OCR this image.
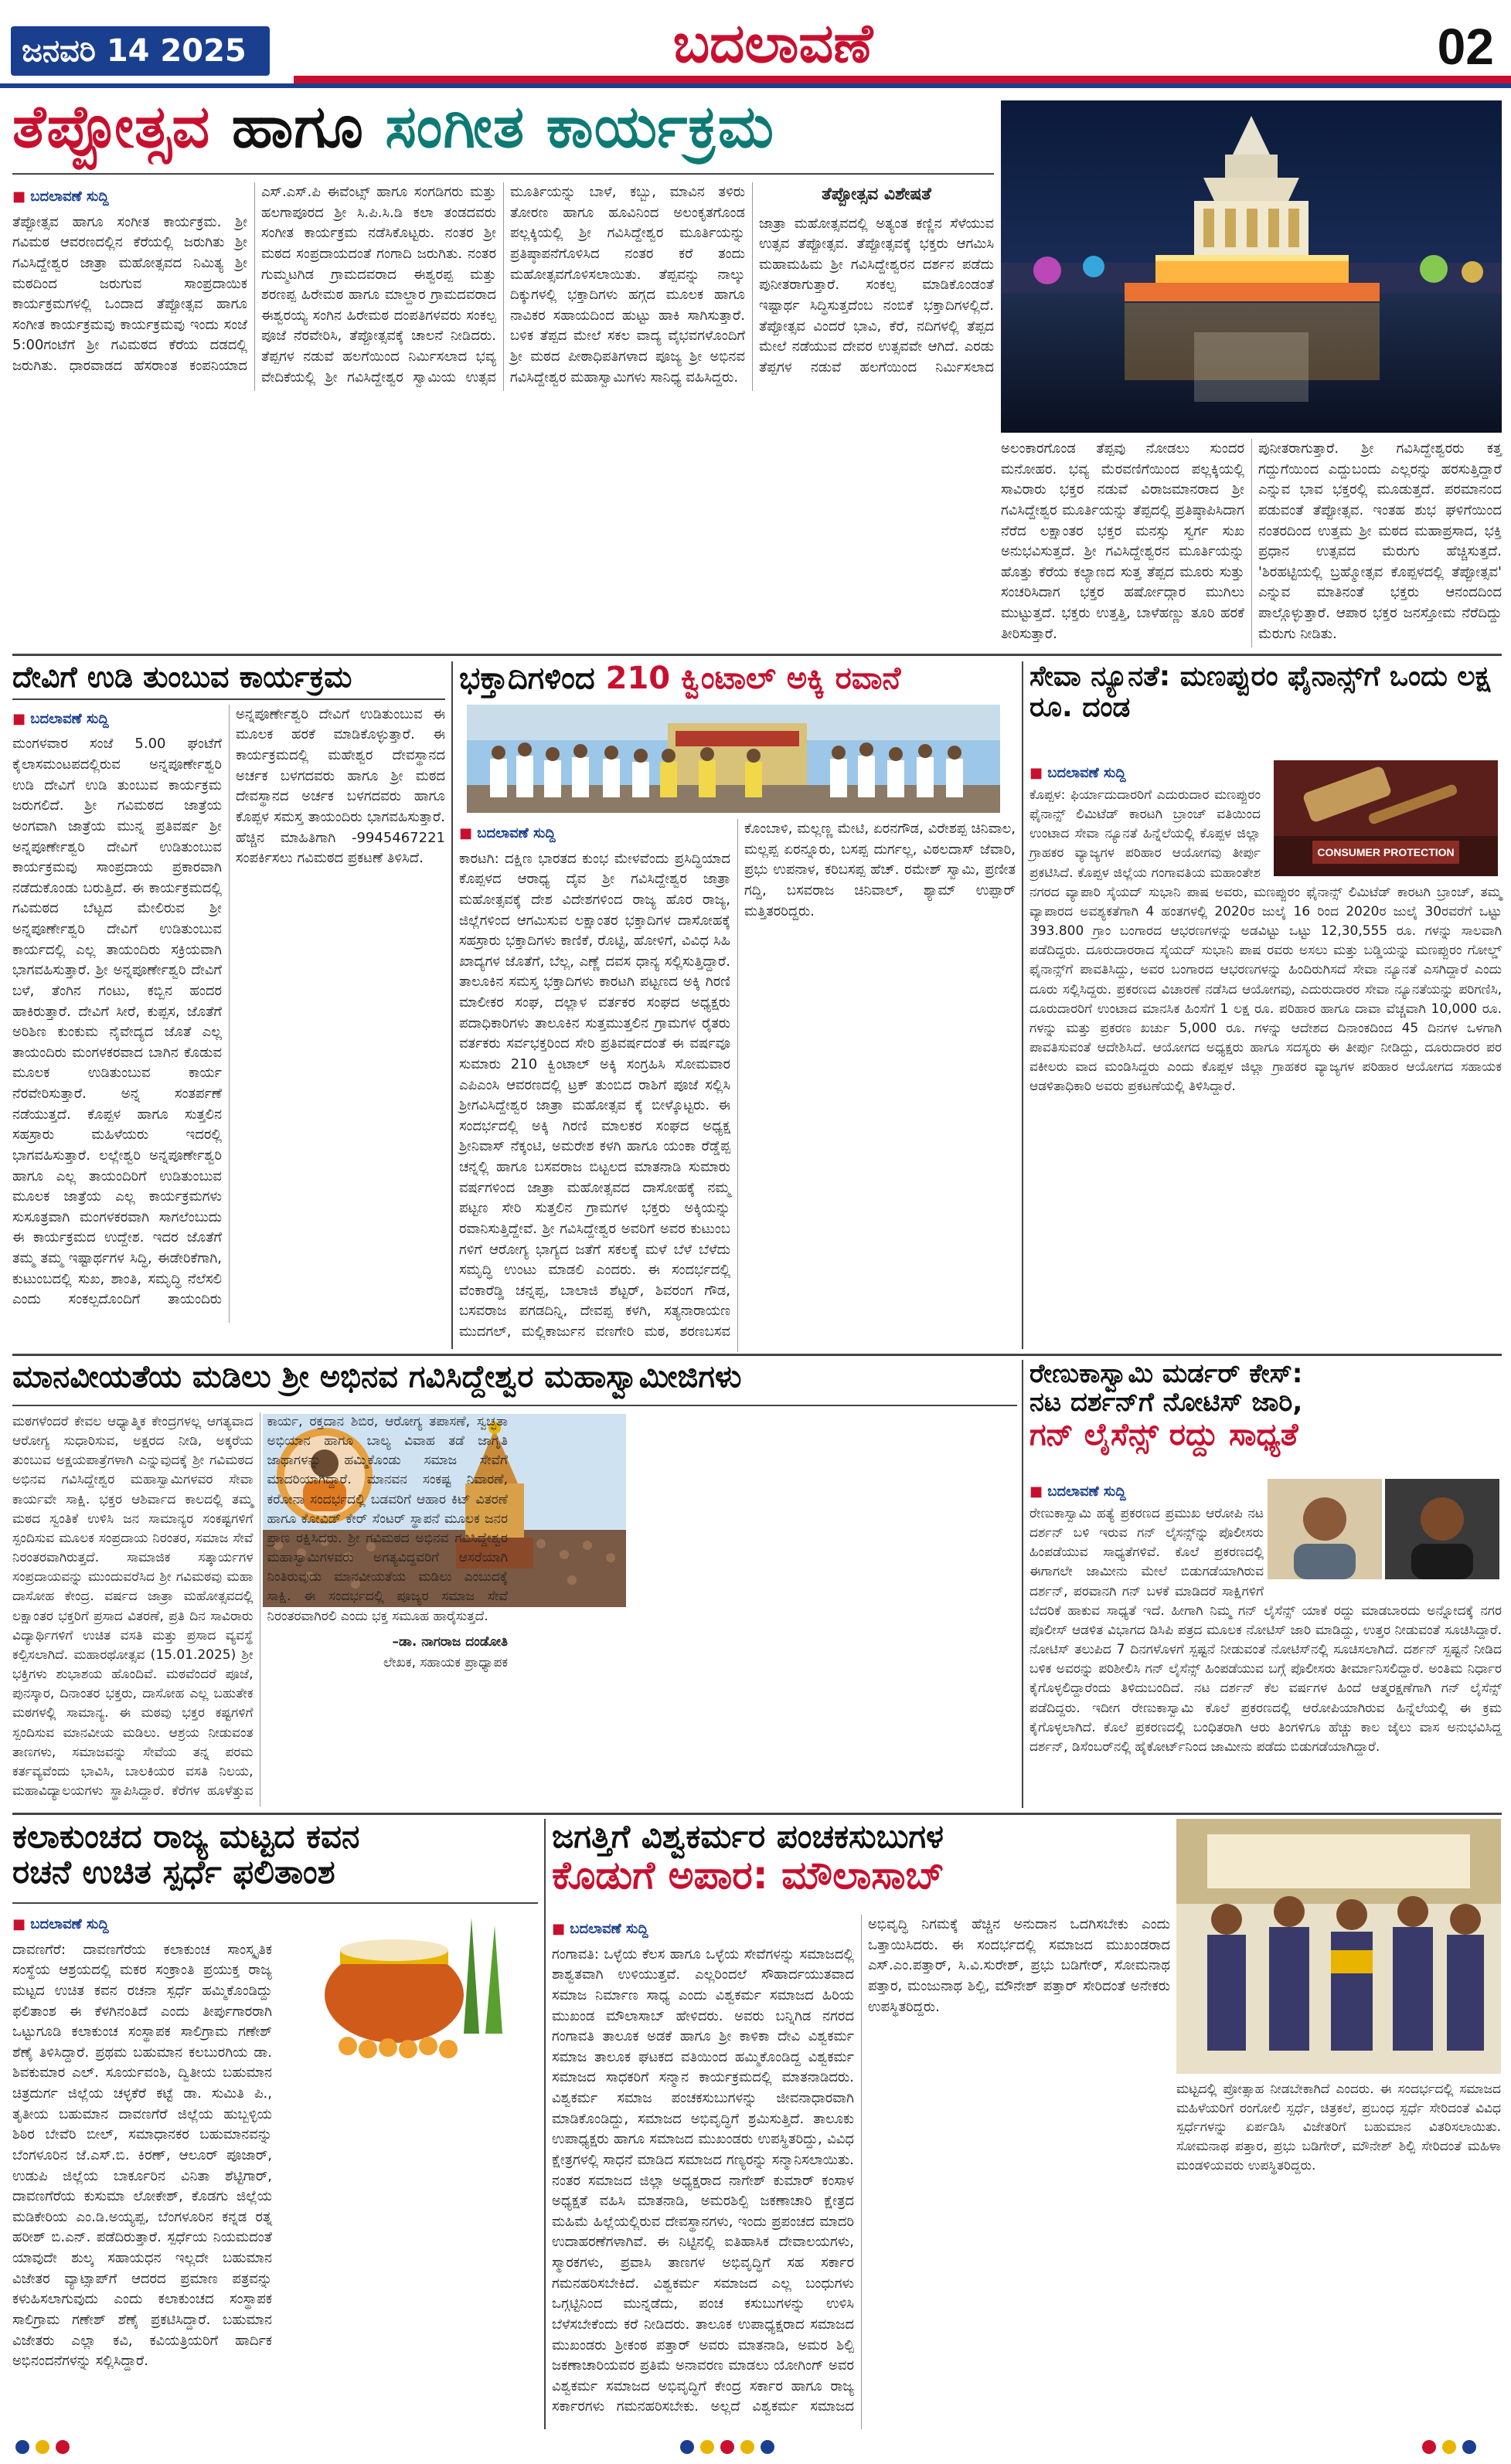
ಜನವರಿ 14 2025	ಬದಲಾವಣೆ	02
ತೆಪ್ಪೋತ್ಸವ ಹಾಗೂ ಸಂಗೀತ ಕಾರ್ಯಕ್ರಮ
■ ಬದಲಾವಣೆ ಸುದ್ದಿ

ತೆಪ್ಪೋತ್ಸವ ಹಾಗೂ ಸಂಗೀತ ಕಾರ್ಯಕ್ರಮ. ಶ್ರೀ ಗವಿಮಠ ಆವರಣದಲ್ಲಿನ ಕೆರೆಯಲ್ಲಿ ಜರುಗಿತು ಶ್ರೀ ಗವಿಸಿದ್ದೇಶ್ವರ ಜಾತ್ರಾ ಮಹೋತ್ಸವದ ನಿಮಿತ್ಯ ಶ್ರೀ ಮಠದಿಂದ ಜರುಗುವ ಸಾಂಪ್ರದಾಯಿಕ ಕಾರ್ಯಕ್ರಮಗಳಲ್ಲಿ ಒಂದಾದ ತೆಪ್ಪೋತ್ಸವ ಹಾಗೂ ಸಂಗೀತ ಕಾರ್ಯಕ್ರಮವು ಕಾರ್ಯಕ್ರಮವು ಇಂದು ಸಂಜೆ 5:00ಗಂಟೆಗೆ ಶ್ರೀ ಗವಿಮಠದ ಕೆರೆಯ ದಡದಲ್ಲಿ ಜರುಗಿತು. ಧಾರವಾಡದ ಹೆಸರಾಂತ ಕಂಪನಿಯಾದ ಎಸ್.ಎಸ್.ಪಿ ಈವೆಂಟ್ಸ್ ಹಾಗೂ ಸಂಗಡಿಗರು ಮತ್ತು ಹಲಗಾಪೂರದ ಶ್ರೀ ಸಿ.ಪಿ.ಸಿ.ಡಿ ಕಲಾ ತಂಡದವರು ಸಂಗೀತ ಕಾರ್ಯಕ್ರಮ ನಡೆಸಿಕೊಟ್ಟರು. ನಂತರ ಶ್ರೀ ಮಠದ ಸಂಪ್ರದಾಯದಂತೆ ಗಂಗಾದಿ ಜರುಗಿತು. ನಂತರ ಗುಮ್ಮಟಗಿಡ ಗ್ರಾಮದವರಾದ ಈಶ್ವರಪ್ಪ ಮತ್ತು ಶರಣಪ್ಪ ಹಿರೇಮಠ ಹಾಗೂ ಮಾಲ್ದಾರ ಗ್ರಾಮದವರಾದ ಈಶ್ವರಯ್ಯ ಸಂಗಿನ ಹಿರೇಮಠ ದಂಪತಿಗಳವರು ಸಂಕಲ್ಪ ಪೂಜೆ ನೆರವೇರಿಸಿ, ತೆಪ್ಪೋತ್ಸವಕ್ಕೆ ಚಾಲನೆ ನೀಡಿದರು. ತೆಪ್ಪಗಳ ನಡುವೆ ಹಲಗೆಯಿಂದ ನಿರ್ಮಿಸಲಾದ ಭವ್ಯ ವೇದಿಕೆಯಲ್ಲಿ ಶ್ರೀ ಗವಿಸಿದ್ದೇಶ್ವರ ಸ್ವಾಮಿಯ ಉತ್ಸವ ಮೂರ್ತಿಯನ್ನು ಬಾಳೆ, ಕಬ್ಬು, ಮಾವಿನ ತಳಿರು ತೋರಣ ಹಾಗೂ ಹೂವಿನಿಂದ ಅಲಂಕೃತಗೊಂಡ ಪಲ್ಲಕ್ಕಿಯಲ್ಲಿ ಶ್ರೀ ಗವಿಸಿದ್ದೇಶ್ವರ ಮೂರ್ತಿಯನ್ನು ಪ್ರತಿಷ್ಠಾಪನೆಗೊಳಿಸಿದ ನಂತರ ಕರೆ ತಂದು ಮಹೋತ್ಸವಗೊಳಿಸಲಾಯಿತು. ತೆಪ್ಪವನ್ನು ನಾಲ್ಕು ದಿಕ್ಕುಗಳಲ್ಲಿ ಭಕ್ತಾದಿಗಳು ಹಗ್ಗದ ಮೂಲಕ ಹಾಗೂ ನಾವಿಕರ ಸಹಾಯದಿಂದ ಹುಟ್ಟು ಹಾಕಿ ಸಾಗಿಸುತ್ತಾರೆ. ಬಳಿಕ ತೆಪ್ಪದ ಮೇಲೆ ಸಕಲ ವಾದ್ಯ ವೈಭವಗಳೊಂದಿಗೆ ಶ್ರೀ ಮಠದ ಪೀಠಾಧಿಪತಿಗಳಾದ ಪೂಜ್ಯ ಶ್ರೀ ಅಭಿನವ ಗವಿಸಿದ್ದೇಶ್ವರ ಮಹಾಸ್ವಾಮಿಗಳು ಸಾನಿಧ್ಯ ವಹಿಸಿದ್ದರು.

ತೆಪ್ಪೋತ್ಸವ ವಿಶೇಷತೆ

ಜಾತ್ರಾ ಮಹೋತ್ಸವದಲ್ಲಿ ಅತ್ಯಂತ ಕಣ್ಣಿನ ಸೆಳೆಯುವ ಉತ್ಸವ ತೆಪ್ಪೋತ್ಸವ. ತೆಪ್ಪೋತ್ಸವಕ್ಕೆ ಭಕ್ತರು ಆಗಮಿಸಿ ಮಹಾಮಹಿಮ ಶ್ರೀ ಗವಿಸಿದ್ದೇಶ್ವರನ ದರ್ಶನ ಪಡೆದು ಪುನೀತರಾಗುತ್ತಾರೆ. ಸಂಕಲ್ಪ ಮಾಡಿಕೊಂಡಂತೆ ಇಷ್ಟಾರ್ಥ ಸಿದ್ಧಿಸುತ್ತದೆಂಬ ನಂಬಿಕೆ ಭಕ್ತಾದಿಗಳಲ್ಲಿದೆ. ತೆಪ್ಪೋತ್ಸವ ವಿಂದರೆ ಭಾವಿ, ಕೆರೆ, ನದಿಗಳಲ್ಲಿ ತೆಪ್ಪದ ಮೇಲೆ ನಡೆಯುವ ದೇವರ ಉತ್ಸವವೇ ಆಗಿದೆ. ಎರಡು ತೆಪ್ಪಗಳ ನಡುವೆ ಹಲಗೆಯಿಂದ ನಿರ್ಮಿಸಲಾದ

ಅಲಂಕಾರಗೊಂಡ ತೆಪ್ಪವು ನೋಡಲು ಸುಂದರ ಮನೋಹರ. ಭವ್ಯ ಮೆರವಣಿಗೆಯಿಂದ ಪಲ್ಲಕ್ಕಿಯಲ್ಲಿ ಸಾವಿರಾರು ಭಕ್ತರ ನಡುವೆ ವಿರಾಜಮಾನರಾದ ಶ್ರೀ ಗವಿಸಿದ್ದೇಶ್ವರ ಮೂರ್ತಿಯನ್ನು ತೆಪ್ಪದಲ್ಲಿ ಪ್ರತಿಷ್ಠಾಪಿಸಿದಾಗ ನೆರೆದ ಲಕ್ಷಾಂತರ ಭಕ್ತರ ಮನಸ್ಸು ಸ್ವರ್ಗ ಸುಖ ಅನುಭವಿಸುತ್ತದೆ. ಶ್ರೀ ಗವಿಸಿದ್ದೇಶ್ವರನ ಮೂರ್ತಿಯನ್ನು ಹೊತ್ತು ಕೆರೆಯ ಕಲ್ಯಾಣದ ಸುತ್ತ ತೆಪ್ಪದ ಮೂರು ಸುತ್ತು ಸಂಚರಿಸಿದಾಗ ಭಕ್ತರ ಹರ್ಷೋದ್ಗಾರ ಮುಗಿಲು ಮುಟ್ಟುತ್ತದೆ. ಭಕ್ತರು ಉತ್ತತ್ತಿ, ಬಾಳೆಹಣ್ಣು ತೂರಿ ಹರಕೆ ತೀರಿಸುತ್ತಾರೆ.

ಪುನೀತರಾಗುತ್ತಾರೆ. ಶ್ರೀ ಗವಿಸಿದ್ದೇಶ್ವರರು ಕತ್ತ ಗದ್ದುಗೆಯಿಂದ ಎದ್ದುಬಂದು ಎಲ್ಲರನ್ನು ಹರಸುತ್ತಿದ್ದಾರೆ ಎನ್ನುವ ಭಾವ ಭಕ್ತರಲ್ಲಿ ಮೂಡುತ್ತದೆ. ಪರಮಾನಂದ ಪಡುವಂತೆ ತೆಪ್ಪೋತ್ಸವ. ಇಂತಹ ಶುಭ ಘಳಿಗೆಯಿಂದ ನಂತರದಿಂದ ಉತ್ತಮ ಶ್ರೀ ಮಠದ ಮಹಾಪ್ರಸಾದ, ಭಕ್ತಿ ಪ್ರಧಾನ ಉತ್ಸವದ ಮೆರುಗು ಹೆಚ್ಚಿಸುತ್ತದೆ. 'ಶಿರಹಟ್ಟಿಯಲ್ಲಿ ಬ್ರಹ್ಮೋತ್ಸವ ಕೊಪ್ಪಳದಲ್ಲಿ ತೆಪ್ಪೋತ್ಸವ' ಎನ್ನುವ ಮಾತಿನಂತೆ ಭಕ್ತರು ಆನಂದದಿಂದ ಪಾಲ್ಗೊಳ್ಳುತ್ತಾರೆ. ಆಪಾರ ಭಕ್ತರ ಜನಸ್ತೋಮ ನೆರೆದಿದ್ದು ಮೆರುಗು ನೀಡಿತು.

ದೇವಿಗೆ ಉಡಿ ತುಂಬುವ ಕಾರ್ಯಕ್ರಮ
■ ಬದಲಾವಣೆ ಸುದ್ದಿ

ಮಂಗಳವಾರ ಸಂಜೆ 5.00 ಘಂಟೆಗೆ ಕೈಲಾಸಮಂಟಪದಲ್ಲಿರುವ ಅನ್ನಪೂರ್ಣೇಶ್ವರಿ ಉಡಿ ದೇವಿಗೆ ಉಡಿ ತುಂಬುವ ಕಾರ್ಯಕ್ರಮ ಜರುಗಲಿದೆ. ಶ್ರೀ ಗವಿಮಠದ ಜಾತ್ರೆಯ ಅಂಗವಾಗಿ ಜಾತ್ರೆಯ ಮುನ್ನ ಪ್ರತಿವರ್ಷ ಶ್ರೀ ಅನ್ನಪೂರ್ಣೇಶ್ವರಿ ದೇವಿಗೆ ಉಡಿತುಂಬುವ ಕಾರ್ಯಕ್ರಮವು ಸಾಂಪ್ರದಾಯ ಪ್ರಕಾರವಾಗಿ ನಡೆದುಕೊಂಡು ಬರುತ್ತಿದೆ. ಈ ಕಾರ್ಯಕ್ರಮದಲ್ಲಿ ಗವಿಮಠದ ಬೆಟ್ಟದ ಮೇಲಿರುವ ಶ್ರೀ ಅನ್ನಪೂರ್ಣೇಶ್ವರಿ ದೇವಿಗೆ ಉಡಿತುಂಬುವ ಕಾರ್ಯದಲ್ಲಿ ಎಲ್ಲ ತಾಯಂದಿರು ಸಕ್ರಿಯವಾಗಿ ಭಾಗವಹಿಸುತ್ತಾರೆ. ಶ್ರೀ ಅನ್ನಪೂರ್ಣೇಶ್ವರಿ ದೇವಿಗೆ ಬಳೆ, ತೆಂಗಿನ ಗಂಟು, ಕಬ್ಬಿನ ಹಂದರ ಹಾಕಿರುತ್ತಾರೆ. ದೇವಿಗೆ ಸೀರೆ, ಕುಪ್ಪಸ, ಜೊತೆಗೆ ಅರಿಶಿಣ ಕುಂಕುಮ ನೈವೇದ್ಯದ ಜೊತೆ ಎಲ್ಲ ತಾಯಂದಿರು ಮಂಗಳಕರವಾದ ಬಾಗಿನ ಕೊಡುವ ಮೂಲಕ ಉಡಿತುಂಬುವ ಕಾರ್ಯ ನೆರವೇರಿಸುತ್ತಾರೆ. ಅನ್ನ ಸಂತರ್ಪಣೆ ನಡೆಯುತ್ತದೆ. ಕೊಪ್ಪಳ ಹಾಗೂ ಸುತ್ತಲಿನ ಸಹಸ್ರಾರು ಮಹಿಳೆಯರು ಇದರಲ್ಲಿ ಭಾಗವಹಿಸುತ್ತಾರೆ. ಲಲ್ಲೇಶ್ವರಿ ಅನ್ನಪೂರ್ಣೇಶ್ವರಿ ಹಾಗೂ ಎಲ್ಲ ತಾಯಂದಿರಿಗೆ ಉಡಿತುಂಬುವ ಮೂಲಕ ಜಾತ್ರೆಯ ಎಲ್ಲ ಕಾರ್ಯಕ್ರಮಗಳು ಸುಸೂತ್ರವಾಗಿ ಮಂಗಳಕರವಾಗಿ ಸಾಗಲೆಂಬುದು ಈ ಕಾರ್ಯಕ್ರಮದ ಉದ್ದೇಶ. ಇದರ ಜೊತೆಗೆ ತಮ್ಮ ತಮ್ಮ ಇಷ್ಟಾರ್ಥಗಳ ಸಿದ್ಧಿ, ಈಡೇರಿಕೆಗಾಗಿ, ಕುಟುಂಬದಲ್ಲಿ ಸುಖ, ಶಾಂತಿ, ಸಮೃದ್ಧಿ ನೆಲೆಸಲಿ ಎಂದು ಸಂಕಲ್ಪದೊಂದಿಗೆ ತಾಯಂದಿರು ಅನ್ನಪೂರ್ಣೇಶ್ವರಿ ದೇವಿಗೆ ಉಡಿತುಂಬುವ ಈ ಮೂಲಕ ಹರಕೆ ಮಾಡಿಕೊಳ್ಳುತ್ತಾರೆ. ಈ ಕಾರ್ಯಕ್ರಮದಲ್ಲಿ ಮಹೇಶ್ವರ ದೇವಸ್ಥಾನದ ಅರ್ಚಕ ಬಳಗದವರು ಹಾಗೂ ಶ್ರೀ ಮಠದ ದೇವಸ್ಥಾನದ ಅರ್ಚಕ ಬಳಗದವರು ಹಾಗೂ ಕೊಪ್ಪಳ ಸಮಸ್ತ ತಾಯಂದಿರು ಭಾಗವಹಿಸುತ್ತಾರೆ. ಹೆಚ್ಚಿನ ಮಾಹಿತಿಗಾಗಿ -9945467221 ಸಂಪರ್ಕಿಸಲು ಗವಿಮಠದ ಪ್ರಕಟಣೆ ತಿಳಿಸಿದೆ.

ಭಕ್ತಾದಿಗಳಿಂದ 210 ಕ್ವಿಂಟಾಲ್ ಅಕ್ಕಿ ರವಾನೆ
■ ಬದಲಾವಣೆ ಸುದ್ದಿ

ಕಾರಟಗಿ: ದಕ್ಷಿಣ ಭಾರತದ ಕುಂಭ ಮೇಳವೆಂದು ಪ್ರಸಿದ್ಧಿಯಾದ ಕೊಪ್ಪಳದ ಆರಾಧ್ಯ ದೈವ ಶ್ರೀ ಗವಿಸಿದ್ದೇಶ್ವರ ಜಾತ್ರಾ ಮಹೋತ್ಸವಕ್ಕೆ ದೇಶ ವಿದೇಶಗಳಿಂದ ರಾಜ್ಯ ಹೊರ ರಾಜ್ಯ, ಜಿಲ್ಲೆಗಳಿಂದ ಆಗಮಿಸುವ ಲಕ್ಷಾಂತರ ಭಕ್ತಾದಿಗಳ ದಾಸೋಹಕ್ಕೆ ಸಹಸ್ರಾರು ಭಕ್ತಾದಿಗಳು ಕಾಣಿಕೆ, ರೊಟ್ಟಿ, ಹೋಳಿಗೆ, ವಿವಿಧ ಸಿಹಿ ಖಾದ್ಯಗಳ ಜೊತೆಗೆ, ಬೆಲ್ಲ, ಎಣ್ಣೆ ದವಸ ಧಾನ್ಯ ಸಲ್ಲಿಸುತ್ತಿದ್ದಾರೆ. ತಾಲೂಕಿನ ಸಮಸ್ತ ಭಕ್ತಾದಿಗಳು ಕಾರಟಗಿ ಪಟ್ಟಣದ ಅಕ್ಕಿ ಗಿರಣಿ ಮಾಲೀಕರ ಸಂಘ, ದಲ್ಲಾಳ ವರ್ತಕರ ಸಂಘದ ಅಧ್ಯಕ್ಷರು ಪದಾಧಿಕಾರಿಗಳು ತಾಲೂಕಿನ ಸುತ್ತಮುತ್ತಲಿನ ಗ್ರಾಮಗಳ ರೈತರು ವರ್ತಕರು ಸರ್ವಭಕ್ತರಿಂದ ಸೇರಿ ಪ್ರತಿವರ್ಷದಂತೆ ಈ ವರ್ಷವೂ ಸುಮಾರು 210 ಕ್ವಿಂಟಾಲ್ ಅಕ್ಕಿ ಸಂಗ್ರಹಿಸಿ ಸೋಮವಾರ ಎಪಿಎಂಸಿ ಆವರಣದಲ್ಲಿ ಟ್ರಕ್ ತುಂಬಿದ ರಾಶಿಗೆ ಪೂಜೆ ಸಲ್ಲಿಸಿ ಶ್ರೀಗವಿಸಿದ್ದೇಶ್ವರ ಜಾತ್ರಾ ಮಹೋತ್ಸವ ಕ್ಕೆ ಬೀಳ್ಕೊಟ್ಟರು. ಈ ಸಂದರ್ಭದಲ್ಲಿ ಅಕ್ಕಿ ಗಿರಣಿ ಮಾಲಕರ ಸಂಘದ ಅಧ್ಯಕ್ಷ ಶ್ರೀನಿವಾಸ್ ನೆಕ್ಕಂಟಿ, ಅಮರೇಶ ಕಳಗಿ ಹಾಗೂ ಯಂಕಾ ರೆಡ್ಡೆಪ್ಪ ಚನ್ನಲ್ಲಿ ಹಾಗೂ ಬಸವರಾಜ ಬಿಟ್ಟಲದ ಮಾತನಾಡಿ ಸುಮಾರು ವರ್ಷಗಳಿಂದ ಜಾತ್ರಾ ಮಹೋತ್ಸವದ ದಾಸೋಹಕ್ಕೆ ನಮ್ಮ ಪಟ್ಟಣ ಸೇರಿ ಸುತ್ತಲಿನ ಗ್ರಾಮಗಳ ಭಕ್ತರು ಅಕ್ಕಿಯನ್ನು ರವಾನಿಸುತ್ತಿದ್ದೇವೆ. ಶ್ರೀ ಗವಿಸಿದ್ದೇಶ್ವರ ಅವರಿಗೆ ಅವರ ಕುಟುಂಬ ಗಳಿಗೆ ಆರೋಗ್ಯ ಭಾಗ್ಯದ ಜತೆಗೆ ಸಕಲಕ್ಕೆ ಮಳೆ ಬೆಳೆ ಬೆಳೆದು ಸಮೃದ್ಧಿ ಉಂಟು ಮಾಡಲಿ ಎಂದರು. ಈ ಸಂದರ್ಭದಲ್ಲಿ ವೆಂಕಾರೆಡ್ಡಿ ಚನ್ನಪ್ಪ, ಬಾಲಾಜಿ ಶೆಟ್ಟರ್, ಶಿವರಂಗ ಗೌಡ, ಬಸವರಾಜ ಪಗಡದಿನ್ನಿ, ದೇವಪ್ಪ ಕಳಗಿ, ಸತ್ಯನಾರಾಯಣ ಮುದಗಲ್, ಮಲ್ಲಿಕಾರ್ಜುನ ವಣಗೇರಿ ಮಠ, ಶರಣಬಸವ ಕೊಂಬಾಳಿ, ಮಲ್ಲಣ್ಣ ಮೇಟಿ, ಏರನಗೌಡ, ವಿರೇಶಪ್ಪ ಚಿನಿವಾಲ, ಮಲ್ಲಪ್ಪ ಏರನ್ನೂರು, ಬಸಪ್ಪ ದುರ್ಗಲ್ಲ, ವಿಠಲದಾಸ್ ಜೆವಾರಿ, ಪ್ರಭು ಉಪನಾಳ, ಕರಿಬಸಪ್ಪ ಹೆಚ್. ರಮೇಶ್ ಸ್ವಾಮಿ, ಪ್ರಣೀತ ಗದ್ದಿ, ಬಸವರಾಜ ಚಿನಿವಾಲ್, ಶ್ಯಾಮ್ ಉಪ್ಪಾರ್ ಮತ್ತಿತರರಿದ್ದರು.

ಸೇವಾ ನ್ಯೂನತೆ: ಮಣಪ್ಪುರಂ ಫೈನಾನ್ಸ್‌ಗೆ ಒಂದು ಲಕ್ಷ ರೂ. ದಂಡ
CONSUMER PROTECTION
■ ಬದಲಾವಣೆ ಸುದ್ದಿ
ಕೊಪ್ಪಳ: ಫಿರ್ಯಾದುದಾರರಿಗೆ ಎದುರುದಾರ ಮಣಪ್ಪುರಂ ಫೈನಾನ್ಸ್ ಲಿಮಿಟೆಡ್ ಕಾರಟಗಿ ಬ್ರಾಂಚ್ ವತಿಯಿಂದ ಉಂಟಾದ ಸೇವಾ ನ್ಯೂನತೆ ಹಿನ್ನೆಲೆಯಲ್ಲಿ ಕೊಪ್ಪಳ ಜಿಲ್ಲಾ ಗ್ರಾಹಕರ ವ್ಯಾಜ್ಯಗಳ ಪರಿಹಾರ ಆಯೋಗವು ತೀರ್ಪು ಪ್ರಕಟಿಸಿದೆ. ಕೊಪ್ಪಳ ಜಿಲ್ಲೆಯ ಗಂಗಾವತಿಯ ಮಹಾಂತೇಶ ನಗರದ ವ್ಯಾಪಾರಿ ಸೈಯದ್ ಸುಭಾನಿ ಪಾಷ ಅವರು, ಮಣಪ್ಪುರಂ ಫೈನಾನ್ಸ್ ಲಿಮಿಟೆಡ್ ಕಾರಟಗಿ ಬ್ರಾಂಚ್, ತಮ್ಮ ವ್ಯಾಪಾರದ ಅವಶ್ಯಕತೆಗಾಗಿ 4 ಹಂತಗಳಲ್ಲಿ 2020ರ ಜುಲೈ 16 ರಿಂದ 2020ರ ಜುಲೈ 30ರವರೆಗೆ ಒಟ್ಟು 393.800 ಗ್ರಾಂ ಬಂಗಾರದ ಆಭರಣಗಳನ್ನು ಅಡವಿಟ್ಟು ಒಟ್ಟು 12,30,555 ರೂ. ಗಳನ್ನು ಸಾಲವಾಗಿ ಪಡೆದಿದ್ದರು. ದೂರುದಾರರಾದ ಸೈಯದ್ ಸುಭಾನಿ ಪಾಷ ರವರು ಅಸಲು ಮತ್ತು ಬಡ್ಡಿಯನ್ನು ಮಣಪ್ಪುರಂ ಗೋಲ್ಡ್ ಫೈನಾನ್ಸ್‌ಗೆ ಪಾವತಿಸಿದ್ದು, ಅವರ ಬಂಗಾರದ ಆಭರಣಗಳನ್ನು ಹಿಂದಿರುಗಿಸದೆ ಸೇವಾ ನ್ಯೂನತೆ ಎಸಗಿದ್ದಾರೆ ಎಂದು ದೂರು ಸಲ್ಲಿಸಿದ್ದರು. ಪ್ರಕರಣದ ವಿಚಾರಣೆ ನಡೆಸಿದ ಆಯೋಗವು, ಎದುರುದಾರರ ಸೇವಾ ನ್ಯೂನತೆಯನ್ನು ಪರಿಗಣಿಸಿ, ದೂರುದಾರರಿಗೆ ಉಂಟಾದ ಮಾನಸಿಕ ಹಿಂಸೆಗೆ 1 ಲಕ್ಷ ರೂ. ಪರಿಹಾರ ಹಾಗೂ ದಾವಾ ವೆಚ್ಚವಾಗಿ 10,000 ರೂ. ಗಳನ್ನು ಮತ್ತು ಪ್ರಕರಣ ಖರ್ಚು 5,000 ರೂ. ಗಳನ್ನು ಆದೇಶದ ದಿನಾಂಕದಿಂದ 45 ದಿನಗಳ ಒಳಗಾಗಿ ಪಾವತಿಸುವಂತೆ ಆದೇಶಿಸಿದೆ. ಆಯೋಗದ ಅಧ್ಯಕ್ಷರು ಹಾಗೂ ಸದಸ್ಯರು ಈ ತೀರ್ಪು ನೀಡಿದ್ದು, ದೂರುದಾರರ ಪರ ವಕೀಲರು ವಾದ ಮಂಡಿಸಿದ್ದರು ಎಂದು ಕೊಪ್ಪಳ ಜಿಲ್ಲಾ ಗ್ರಾಹಕರ ವ್ಯಾಜ್ಯಗಳ ಪರಿಹಾರ ಆಯೋಗದ ಸಹಾಯಕ ಆಡಳಿತಾಧಿಕಾರಿ ಅವರು ಪ್ರಕಟಣೆಯಲ್ಲಿ ತಿಳಿಸಿದ್ದಾರೆ.
ಮಾನವೀಯತೆಯ ಮಡಿಲು ಶ್ರೀ ಅಭಿನವ ಗವಿಸಿದ್ದೇಶ್ವರ ಮಹಾಸ್ವಾಮೀಜಿಗಳು

ಮಠಗಳೆಂದರೆ ಕೇವಲ ಆಧ್ಯಾತ್ಮಿಕ ಕೇಂದ್ರಗಳಲ್ಲ ಆಗತ್ಯವಾದ ಆರೋಗ್ಯ ಸುಧಾರಿಸುವ, ಅಕ್ಷರದ ನೀಡಿ, ಅಕ್ಕರೆಯ ತುಂಬುವ ಅಕ್ಷಯಪಾತ್ರೆಗಳಾಗಿ ಎನ್ನುವುದಕ್ಕೆ ಶ್ರೀ ಗವಿಮಠದ ಅಭಿನವ ಗವಿಸಿದ್ದೇಶ್ವರ ಮಹಾಸ್ವಾಮಿಗಳವರ ಸೇವಾ ಕಾರ್ಯವೇ ಸಾಕ್ಷಿ. ಭಕ್ತರ ಆಶಿರ್ವಾದ ಕಾಲದಲ್ಲಿ ತಮ್ಮ ಮಠದ ಸ್ವಂತಿಕೆ ಉಳಿಸಿ ಜನ ಸಾಮಾನ್ಯರ ಸಂಕಷ್ಟಗಳಿಗೆ ಸ್ಪಂದಿಸುವ ಮೂಲಕ ಸಂಪ್ರದಾಯ ನಿರಂತರ, ಸಮಾಜ ಸೇವೆ ನಿರಂತರವಾಗಿರುತ್ತದೆ. ಸಾಮಾಜಿಕ ಸತ್ಕಾರ್ಯಗಳ ಸಂಪ್ರದಾಯವನ್ನು ಮುಂದುವರೆಸಿದ ಶ್ರೀ ಗವಿಮಠವು ಮಹಾ ದಾಸೋಹ ಕೇಂದ್ರ. ವರ್ಷದ ಜಾತ್ರಾ ಮಹೋತ್ಸವದಲ್ಲಿ ಲಕ್ಷಾಂತರ ಭಕ್ತರಿಗೆ ಪ್ರಸಾದ ವಿತರಣೆ, ಪ್ರತಿ ದಿನ ಸಾವಿರಾರು ವಿದ್ಯಾರ್ಥಿಗಳಿಗೆ ಉಚಿತ ವಸತಿ ಮತ್ತು ಪ್ರಸಾದ ವ್ಯವಸ್ಥೆ ಕಲ್ಪಿಸಲಾಗಿದೆ. ಮಹಾರಥೋತ್ಸವ (15.01.2025) ಶ್ರೀ ಭಕ್ತಿಗಳು ಶುಭಾಶಯ ಹೊಂದಿವೆ. ಮಠವೆಂದರೆ ಪೂಜೆ, ಪುನಸ್ಕಾರ, ದಿನಾಂತರ ಭಕ್ತರು, ದಾಸೋಹ ಎಲ್ಲ ಬಹುತೇಕ ಮಠಗಳಲ್ಲಿ ಸಾಮಾನ್ಯ. ಈ ಮಠವು ಭಕ್ತರ ಕಷ್ಟಗಳಿಗೆ ಸ್ಪಂದಿಸುವ ಮಾನವೀಯ ಮಡಿಲು. ಆಶ್ರಯ ನೀಡುವಂತ ತಾಣಗಳು, ಸಮಾಜವನ್ನು ಸೇವೆಯ ತನ್ನ ಪರಮ ಕರ್ತವ್ಯವೆಂದು ಭಾವಿಸಿ, ಬಾಲಕಿಯರ ವಸತಿ ನಿಲಯ, ಮಹಾವಿದ್ಯಾಲಯಗಳು ಸ್ಥಾಪಿಸಿದ್ದಾರೆ. ಕೆರೆಗಳ ಹೂಳೆತ್ತುವ ಕಾರ್ಯ, ರಕ್ತದಾನ ಶಿಬಿರ, ಆರೋಗ್ಯ ತಪಾಸಣೆ, ಸ್ವಚ್ಛತಾ ಅಭಿಯಾನ ಹಾಗೂ ಬಾಲ್ಯ ವಿವಾಹ ತಡೆ ಜಾಗೃತಿ ಜಾಥಾಗಳನ್ನು ಹಮ್ಮಿಕೊಂಡು ಸಮಾಜ ಸೇವೆಗೆ ಮಾದರಿಯಾಗಿದ್ದಾರೆ. ಮಾನವನ ಸಂಕಷ್ಟ ನಿವಾರಣೆ, ಕರೋನಾ ಸಂದರ್ಭದಲ್ಲಿ ಬಡವರಿಗೆ ಆಹಾರ ಕಿಟ್ ವಿತರಣೆ ಹಾಗೂ ಕೋವಿಡ್ ಕೇರ್ ಸೆಂಟರ್ ಸ್ಥಾಪನೆ ಮೂಲಕ ಜನರ ಪ್ರಾಣ ರಕ್ಷಿಸಿದರು. ಶ್ರೀ ಗವಿಮಠದ ಅಭಿನವ ಗವಿಸಿದ್ದೇಶ್ವರ ಮಹಾಸ್ವಾಮಿಗಳವರು ಅಗತ್ಯವಿದ್ದವರಿಗೆ ಆಸರೆಯಾಗಿ ನಿಂತಿರುವುದು ಮಾನವೀಯತೆಯ ಮಡಿಲು ಎಂಬುದಕ್ಕೆ ಸಾಕ್ಷಿ. ಈ ಸಂದರ್ಭದಲ್ಲಿ ಪೂಜ್ಯರ ಸಮಾಜ ಸೇವೆ ನಿರಂತರವಾಗಿರಲಿ ಎಂದು ಭಕ್ತ ಸಮೂಹ ಹಾರೈಸುತ್ತದೆ.

–ಡಾ. ನಾಗರಾಜ ದಂಡೋತಿ
ಲೇಖಕ, ಸಹಾಯಕ ಪ್ರಾಧ್ಯಾಪಕ
ರೇಣುಕಾಸ್ವಾಮಿ ಮರ್ಡರ್ ಕೇಸ್:
ನಟ ದರ್ಶನ್‌ಗೆ ನೋಟಿಸ್ ಜಾರಿ,
ಗನ್ ಲೈಸೆನ್ಸ್ ರದ್ದು ಸಾಧ್ಯತೆ
■ ಬದಲಾವಣೆ ಸುದ್ದಿ
ರೇಣುಕಾಸ್ವಾಮಿ ಹತ್ಯೆ ಪ್ರಕರಣದ ಪ್ರಮುಖ ಆರೋಪಿ ನಟ ದರ್ಶನ್ ಬಳಿ ಇರುವ ಗನ್ ಲೈಸನ್ಸ್‌ನ್ನು ಪೊಲೀಸರು ಹಿಂಪಡೆಯುವ ಸಾಧ್ಯತೆಗಳಿವೆ. ಕೊಲೆ ಪ್ರಕರಣದಲ್ಲಿ ಈಗಾಗಲೇ ಜಾಮೀನು ಮೇಲೆ ಬಿಡುಗಡೆಯಾಗಿರುವ ದರ್ಶನ್, ಪರವಾನಗಿ ಗನ್ ಬಳಕೆ ಮಾಡಿದರೆ ಸಾಕ್ಷಿಗಳಿಗೆ ಬೆದರಿಕೆ ಹಾಕುವ ಸಾಧ್ಯತೆ ಇದೆ. ಹೀಗಾಗಿ ನಿಮ್ಮ ಗನ್ ಲೈಸೆನ್ಸ್ ಯಾಕೆ ರದ್ದು ಮಾಡಬಾರದು ಅನ್ನೋದಕ್ಕೆ ನಗರ ಪೊಲೀಸ್ ಆಡಳಿತ ವಿಭಾಗದ ಡಿಸಿಪಿ ಪತ್ರದ ಮೂಲಕ ನೋಟಿಸ್ ಜಾರಿ ಮಾಡಿದ್ದು, ಉತ್ತರ ನೀಡುವಂತೆ ಸೂಚಿಸಿದ್ದಾರೆ. ನೋಟಿಸ್ ತಲುಪಿದ 7 ದಿನಗಳೊಳಗೆ ಸ್ಪಷ್ಟನೆ ನೀಡುವಂತೆ ನೋಟಿಸ್‌ನಲ್ಲಿ ಸೂಚಿಸಲಾಗಿದೆ. ದರ್ಶನ್ ಸ್ಪಷ್ಟನೆ ನೀಡಿದ ಬಳಿಕ ಅವರನ್ನು ಪರಿಶೀಲಿಸಿ ಗನ್ ಲೈಸೆನ್ಸ್ ಹಿಂಪಡೆಯುವ ಬಗ್ಗೆ ಪೊಲೀಸರು ತೀರ್ಮಾನಿಸಲಿದ್ದಾರೆ. ಅಂತಿಮ ನಿರ್ಧಾರ ಕೈಗೊಳ್ಳಲಿದ್ದಾರೆಂದು ತಿಳಿದುಬಂದಿದೆ. ನಟ ದರ್ಶನ್ ಕೆಲ ವರ್ಷಗಳ ಹಿಂದೆ ಆತ್ಮರಕ್ಷಣೆಗಾಗಿ ಗನ್ ಲೈಸೆನ್ಸ್ ಪಡೆದಿದ್ದರು. ಇದೀಗ ರೇಣುಕಾಸ್ವಾಮಿ ಕೊಲೆ ಪ್ರಕರಣದಲ್ಲಿ ಆರೋಪಿಯಾಗಿರುವ ಹಿನ್ನೆಲೆಯಲ್ಲಿ ಈ ಕ್ರಮ ಕೈಗೊಳ್ಳಲಾಗಿದೆ. ಕೊಲೆ ಪ್ರಕರಣದಲ್ಲಿ ಬಂಧಿತರಾಗಿ ಆರು ತಿಂಗಳಿಗೂ ಹೆಚ್ಚು ಕಾಲ ಜೈಲು ವಾಸ ಅನುಭವಿಸಿದ್ದ ದರ್ಶನ್, ಡಿಸೆಂಬರ್‌ನಲ್ಲಿ ಹೈಕೋರ್ಟ್‌ನಿಂದ ಜಾಮೀನು ಪಡೆದು ಬಿಡುಗಡೆಯಾಗಿದ್ದಾರೆ.
ಕಲಾಕುಂಚದ ರಾಜ್ಯ ಮಟ್ಟದ ಕವನ
ರಚನೆ ಉಚಿತ ಸ್ಪರ್ಧೆ ಫಲಿತಾಂಶ
■ ಬದಲಾವಣೆ ಸುದ್ದಿ

ದಾವಣಗೆರೆ: ದಾವಣಗೆರೆಯ ಕಲಾಕುಂಚ ಸಾಂಸ್ಕೃತಿಕ ಸಂಸ್ಥೆಯ ಆಶ್ರಯದಲ್ಲಿ ಮಕರ ಸಂಕ್ರಾಂತಿ ಪ್ರಯುಕ್ತ ರಾಜ್ಯ ಮಟ್ಟದ ಉಚಿತ ಕವನ ರಚನಾ ಸ್ಪರ್ಧೆ ಹಮ್ಮಿಕೊಂಡಿದ್ದು ಫಲಿತಾಂಶ ಈ ಕೆಳಗಿನಂತಿದೆ ಎಂದು ತೀರ್ಪುಗಾರರಾಗಿ ಒಟ್ಟುಗೂಡಿ ಕಲಾಕುಂಚ ಸಂಸ್ಥಾಪಕ ಸಾಲಿಗ್ರಾಮ ಗಣೇಶ್ ಶೆಣೈ ತಿಳಿಸಿದ್ದಾರೆ. ಪ್ರಥಮ ಬಹುಮಾನ ಕಲಬುರಗಿಯ ಡಾ. ಶಿವಕುಮಾರ ಎಲ್. ಸೂರ್ಯವಂಶಿ, ದ್ವಿತೀಯ ಬಹುಮಾನ ಚಿತ್ರದುರ್ಗ ಜಿಲ್ಲೆಯ ಚಳ್ಳಕೆರೆ ಕಟ್ಟೆ ಡಾ. ಸುಮಿತಿ ಪಿ., ತೃತೀಯ ಬಹುಮಾನ ದಾವಣಗೆರೆ ಜಿಲ್ಲೆಯ ಹುಬ್ಬಳ್ಳಿಯ ಶಿಠಿರ ಬೇವೆರಿ ಬೀಲ್, ಸಮಾಧಾನಕರ ಬಹುಮಾನವನ್ನು ಬೆಂಗಳೂರಿನ ಜೆ.ಎಸ್.ಬಿ. ಕಿರಣ್, ಆಲೂರ್ ಪೂಜಾರ್, ಉಡುಪಿ ಜಿಲ್ಲೆಯ ಬಾರ್ಕೂರಿನ ವಿನಿತಾ ಶೆಟ್ಟಿಗಾರ್, ದಾವಣಗೆರೆಯ ಕುಸುಮಾ ಲೋಕೇಶ್, ಕೊಡಗು ಜಿಲ್ಲೆಯ ಮಡಿಕೇರಿಯ ಎಂ.ಡಿ.ಅಯ್ಯಪ್ಪ, ಬೆಂಗಳೂರಿನ ಕನ್ನಡ ರತ್ನ ಹರೀಶ್ ಬಿ.ಎನ್. ಪಡೆದಿರುತ್ತಾರೆ. ಸ್ಪರ್ಧೆಯ ನಿಯಮದಂತೆ ಯಾವುದೇ ಶುಲ್ಕ ಸಹಾಯಧನ ಇಲ್ಲದೇ ಬಹುಮಾನ ವಿಜೇತರ ವ್ಯಾಟ್ಸಾಪ್‌ಗೆ ಆದರದ ಪ್ರಮಾಣ ಪತ್ರವನ್ನು ಕಳುಹಿಸಲಾಗುವುದು ಎಂದು ಕಲಾಕುಂಚದ ಸಂಸ್ಥಾಪಕ ಸಾಲಿಗ್ರಾಮ ಗಣೇಶ್ ಶೆಣೈ ಪ್ರಕಟಿಸಿದ್ದಾರೆ. ಬಹುಮಾನ ವಿಜೇತರು ಎಲ್ಲಾ ಕವಿ, ಕವಿಯತ್ರಿಯರಿಗೆ ಹಾರ್ದಿಕ ಅಭಿನಂದನೆಗಳನ್ನು ಸಲ್ಲಿಸಿದ್ದಾರೆ.

ಜಗತ್ತಿಗೆ ವಿಶ್ವಕರ್ಮರ ಪಂಚಕಸುಬುಗಳ
ಕೊಡುಗೆ ಅಪಾರ: ಮೌಲಾಸಾಬ್
■ ಬದಲಾವಣೆ ಸುದ್ದಿ

ಗಂಗಾವತಿ: ಒಳ್ಳೆಯ ಕೆಲಸ ಹಾಗೂ ಒಳ್ಳೆಯ ಸೇವೆಗಳನ್ನು ಸಮಾಜದಲ್ಲಿ ಶಾಶ್ವತವಾಗಿ ಉಳಿಯುತ್ತವೆ. ಎಲ್ಲರಿಂದಲೆ ಸೌಹಾರ್ದಯುತವಾದ ಸಮಾಜ ನಿರ್ಮಾಣ ಸಾಧ್ಯ ಎಂದು ವಿಶ್ವಕರ್ಮ ಸಮಾಜದ ಹಿರಿಯ ಮುಖಂಡ ಮೌಲಾಸಾಬ್ ಹೇಳಿದರು. ಅವರು ಬನ್ನಿಗಿಡ ನಗರದ ಗಂಗಾವತಿ ತಾಲೂಕ ಅಡಕೆ ಹಾಗೂ ಶ್ರೀ ಕಾಳಿಕಾ ದೇವಿ ವಿಶ್ವಕರ್ಮ ಸಮಾಜ ತಾಲೂಕ ಘಟಕದ ವತಿಯಿಂದ ಹಮ್ಮಿಕೊಂಡಿದ್ದ ವಿಶ್ವಕರ್ಮ ಸಮಾಜದ ಸಾಧಕರಿಗೆ ಸನ್ಮಾನ ಕಾರ್ಯಕ್ರಮದಲ್ಲಿ ಮಾತನಾಡಿದರು. ವಿಶ್ವಕರ್ಮ ಸಮಾಜ ಪಂಚಕಸುಬುಗಳನ್ನು ಜೀವನಾಧಾರವಾಗಿ ಮಾಡಿಕೊಂಡಿದ್ದು, ಸಮಾಜದ ಅಭಿವೃದ್ಧಿಗೆ ಶ್ರಮಿಸುತ್ತಿದೆ. ತಾಲೂಕು ಉಪಾಧ್ಯಕ್ಷರು ಹಾಗೂ ಸಮಾಜದ ಮುಖಂಡರು ಉಪಸ್ಥಿತರಿದ್ದು, ವಿವಿಧ ಕ್ಷೇತ್ರಗಳಲ್ಲಿ ಸಾಧನೆ ಮಾಡಿದ ಸಮಾಜದ ಗಣ್ಯರನ್ನು ಸನ್ಮಾನಿಸಲಾಯಿತು. ನಂತರ ಸಮಾಜದ ಜಿಲ್ಲಾ ಅಧ್ಯಕ್ಷರಾದ ನಾಗೇಶ್ ಕುಮಾರ್ ಕಂಸಾಳ ಅಧ್ಯಕ್ಷತೆ ವಹಿಸಿ ಮಾತನಾಡಿ, ಅಮರಶಿಲ್ಪಿ ಜಕಣಾಚಾರಿ ಕ್ಷೇತ್ರದ ಮಹಿಮೆ ಹಿಲ್ಲೆಯಲ್ಲಿರುವ ದೇವಸ್ಥಾನಗಳು, ಇಂದು ಪ್ರಪಂಚದ ಮಾದರಿ ಉದಾಹರಣೆಗಳಾಗಿವೆ. ಈ ನಿಟ್ಟಿನಲ್ಲಿ ಐತಿಹಾಸಿಕ ದೇವಾಲಯಗಳು, ಸ್ಮಾರಕಗಳು, ಪ್ರವಾಸಿ ತಾಣಗಳ ಅಭಿವೃದ್ಧಿಗೆ ಸಹ ಸರ್ಕಾರ ಗಮನಹರಿಸಬೇಕಿದೆ. ವಿಶ್ವಕರ್ಮ ಸಮಾಜದ ಎಲ್ಲ ಬಂಧುಗಳು ಒಗ್ಗಟ್ಟಿನಿಂದ ಮುನ್ನಡೆದು, ಪಂಚ ಕಸುಬುಗಳನ್ನು ಉಳಿಸಿ ಬೆಳೆಸಬೇಕೆಂದು ಕರೆ ನೀಡಿದರು. ತಾಲೂಕ ಉಪಾಧ್ಯಕ್ಷರಾದ ಸಮಾಜದ ಮುಖಂಡರು ಶ್ರೀಕಂಠ ಪತ್ತಾರ್ ಅವರು ಮಾತನಾಡಿ, ಅಮರ ಶಿಲ್ಪಿ ಜಕಣಾಚಾರಿಯವರ ಪ್ರತಿಮೆ ಅನಾವರಣ ಮಾಡಲು ಯೋಗಿಂಗ್ ಅವರ ವಿಶ್ವಕರ್ಮ ಸಮಾಜದ ಅಭಿವೃದ್ಧಿಗೆ ಕೇಂದ್ರ ಸರ್ಕಾರ ಹಾಗೂ ರಾಜ್ಯ ಸರ್ಕಾರಗಳು ಗಮನಹರಿಸಬೇಕು. ಅಲ್ಲದೆ ವಿಶ್ವಕರ್ಮ ಸಮಾಜದ ಅಭಿವೃದ್ಧಿ ನಿಗಮಕ್ಕೆ ಹೆಚ್ಚಿನ ಅನುದಾನ ಒದಗಿಸಬೇಕು ಎಂದು ಒತ್ತಾಯಿಸಿದರು. ಈ ಸಂದರ್ಭದಲ್ಲಿ ಸಮಾಜದ ಮುಖಂಡರಾದ ಎಸ್.ಎಂ.ಪತ್ತಾರ್, ಸಿ.ವಿ.ಸುರೇಶ್, ಪ್ರಭು ಬಡಿಗೇರ್, ಸೋಮನಾಥ ಪತ್ತಾರ, ಮಂಜುನಾಥ ಶಿಲ್ಪಿ, ಮೌನೇಶ್ ಪತ್ತಾರ್ ಸೇರಿದಂತೆ ಅನೇಕರು ಉಪಸ್ಥಿತರಿದ್ದರು.

ಮಟ್ಟದಲ್ಲಿ ಪ್ರೋತ್ಸಾಹ ನೀಡಬೇಕಾಗಿದೆ ಎಂದರು. ಈ ಸಂದರ್ಭದಲ್ಲಿ ಸಮಾಜದ ಮಹಿಳೆಯರಿಗೆ ರಂಗೋಲಿ ಸ್ಪರ್ಧೆ, ಚಿತ್ರಕಲೆ, ಪ್ರಬಂಧ ಸ್ಪರ್ಧೆ ಸೇರಿದಂತೆ ವಿವಿಧ ಸ್ಪರ್ಧೆಗಳನ್ನು ಏರ್ಪಡಿಸಿ ವಿಜೇತರಿಗೆ ಬಹುಮಾನ ವಿತರಿಸಲಾಯಿತು. ಸೋಮನಾಥ ಪತ್ತಾರ, ಪ್ರಭು ಬಡಿಗೇರ್, ಮೌನೇಶ್ ಶಿಲ್ಪಿ ಸೇರಿದಂತೆ ಮಹಿಳಾ ಮಂಡಳಿಯವರು ಉಪಸ್ಥಿತರಿದ್ದರು.
